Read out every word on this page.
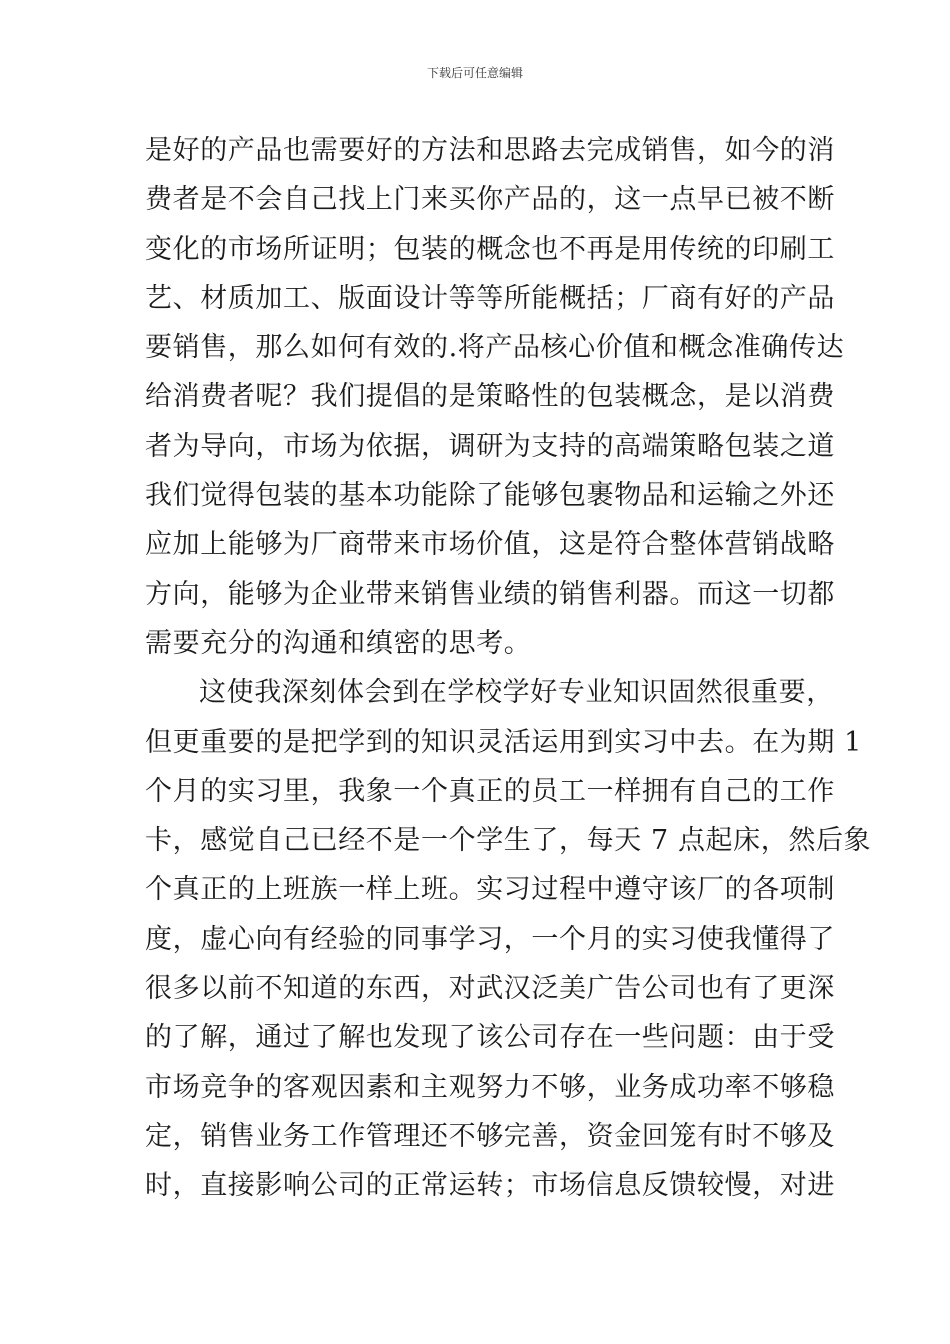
下载后可任意编辑
是好的产品也需要好的方法和思路去完成销售，如今的消
费者是不会自己找上门来买你产品的，这一点早已被不断
变化的市场所证明；包装的概念也不再是用传统的印刷工
艺、材质加工、版面设计等等所能概括；厂商有好的产品
要销售，那么如何有效的.将产品核心价值和概念准确传达
给消费者呢？我们提倡的是策略性的包装概念，是以消费
者为导向，市场为依据，调研为支持的高端策略包装之道
我们觉得包装的基本功能除了能够包裹物品和运输之外还
应加上能够为厂商带来市场价值，这是符合整体营销战略
方向，能够为企业带来销售业绩的销售利器。而这一切都
需要充分的沟通和缜密的思考。
这使我深刻体会到在学校学好专业知识固然很重要，
但更重要的是把学到的知识灵活运用到实习中去。在为期 1
个月的实习里，我象一个真正的员工一样拥有自己的工作
卡，感觉自己已经不是一个学生了，每天 7 点起床，然后象
个真正的上班族一样上班。实习过程中遵守该厂的各项制
度，虚心向有经验的同事学习，一个月的实习使我懂得了
很多以前不知道的东西，对武汉泛美广告公司也有了更深
的了解，通过了解也发现了该公司存在一些问题：由于受
市场竞争的客观因素和主观努力不够，业务成功率不够稳
定，销售业务工作管理还不够完善，资金回笼有时不够及
时，直接影响公司的正常运转；市场信息反馈较慢，对进
